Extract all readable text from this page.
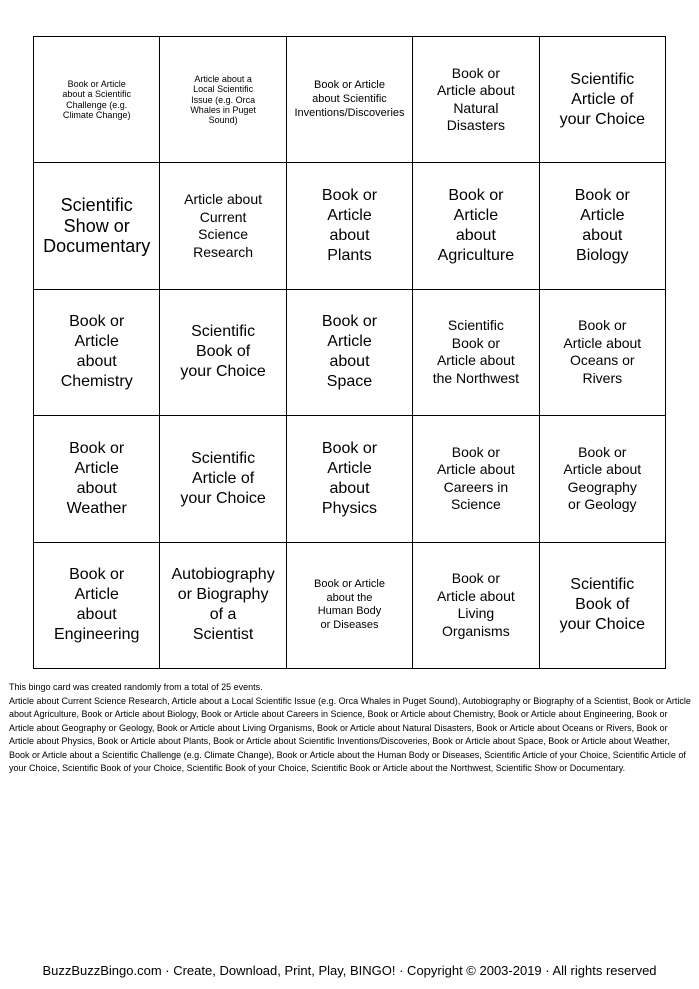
Book or Article
about a Scientific
Challenge (e.g.
Climate Change)
Article about a
Local Scientific
Issue (e.g. Orca
Whales in Puget
Sound)
Book or Article
about Scientific
Inventions/Discoveries
Book or
Article about
Natural
Disasters
Scientific
Article of
your Choice
Scientific
Show or
Documentary
Article about
Current
Science
Research
Book or
Article
about
Plants
Book or
Article
about
Agriculture
Book or
Article
about
Biology
Book or
Article
about
Chemistry
Scientific
Book of
your Choice
Book or
Article
about
Space
Scientific
Book or
Article about
the Northwest
Book or
Article about
Oceans or
Rivers
Book or
Article
about
Weather
Scientific
Article of
your Choice
Book or
Article
about
Physics
Book or
Article about
Careers in
Science
Book or
Article about
Geography
or Geology
Book or
Article
about
Engineering
Autobiography
or Biography
of a
Scientist
Book or Article
about the
Human Body
or Diseases
Book or
Article about
Living
Organisms
Scientific
Book of
your Choice

This bingo card was created randomly from a total of 25 events.

Article about Current Science Research, Article about a Local Scientific Issue (e.g. Orca Whales in Puget Sound), Autobiography or Biography of a Scientist, Book or Article about Agriculture, Book or Article about Biology, Book or Article about Careers in Science, Book or Article about Chemistry, Book or Article about Engineering, Book or Article about Geography or Geology, Book or Article about Living Organisms, Book or Article about Natural Disasters, Book or Article about Oceans or Rivers, Book or Article about Physics, Book or Article about Plants, Book or Article about Scientific Inventions/Discoveries, Book or Article about Space, Book or Article about Weather, Book or Article about a Scientific Challenge (e.g. Climate Change), Book or Article about the Human Body or Diseases, Scientific Article of your Choice, Scientific Article of your Choice, Scientific Book of your Choice, Scientific Book of your Choice, Scientific Book or Article about the Northwest, Scientific Show or Documentary.

BuzzBuzzBingo.com · Create, Download, Print, Play, BINGO! · Copyright © 2003-2019 · All rights reserved
